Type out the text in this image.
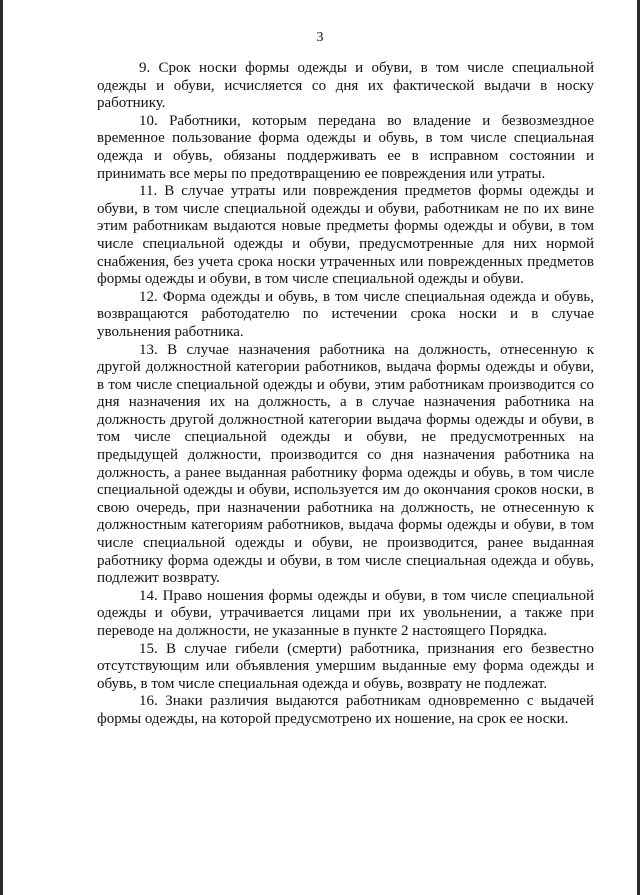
3

9. Срок носки формы одежды и обуви, в том числе специальной одежды и обуви, исчисляется со дня их фактической выдачи в носку работнику.

10. Работники, которым передана во владение и безвозмездное временное пользование форма одежды и обувь, в том числе специальная одежда и обувь, обязаны поддерживать ее в исправном состоянии и принимать все меры по предотвращению ее повреждения или утраты.

11. В случае утраты или повреждения предметов формы одежды и обуви, в том числе специальной одежды и обуви, работникам не по их вине этим работникам выдаются новые предметы формы одежды и обуви, в том числе специальной одежды и обуви, предусмотренные для них нормой снабжения, без учета срока носки утраченных или поврежденных предметов формы одежды и обуви, в том числе специальной одежды и обуви.

12. Форма одежды и обувь, в том числе специальная одежда и обувь, возвращаются работодателю по истечении срока носки и в случае увольнения работника.

13. В случае назначения работника на должность, отнесенную к другой должностной категории работников, выдача формы одежды и обуви, в том числе специальной одежды и обуви, этим работникам производится со дня назначения их на должность, а в случае назначения работника на должность другой должностной категории выдача формы одежды и обуви, в том числе специальной одежды и обуви, не предусмотренных на предыдущей должности, производится со дня назначения работника на должность, а ранее выданная работнику форма одежды и обувь, в том числе специальной одежды и обуви, используется им до окончания сроков носки, в свою очередь, при назначении работника на должность, не отнесенную к должностным категориям работников, выдача формы одежды и обуви, в том числе специальной одежды и обуви, не производится, ранее выданная работнику форма одежды и обуви, в том числе специальная одежда и обувь, подлежит возврату.

14. Право ношения формы одежды и обуви, в том числе специальной одежды и обуви, утрачивается лицами при их увольнении, а также при переводе на должности, не указанные в пункте 2 настоящего Порядка.

15. В случае гибели (смерти) работника, признания его безвестно отсутствующим или объявления умершим выданные ему форма одежды и обувь, в том числе специальная одежда и обувь, возврату не подлежат.

16. Знаки различия выдаются работникам одновременно с выдачей формы одежды, на которой предусмотрено их ношение, на срок ее носки.
